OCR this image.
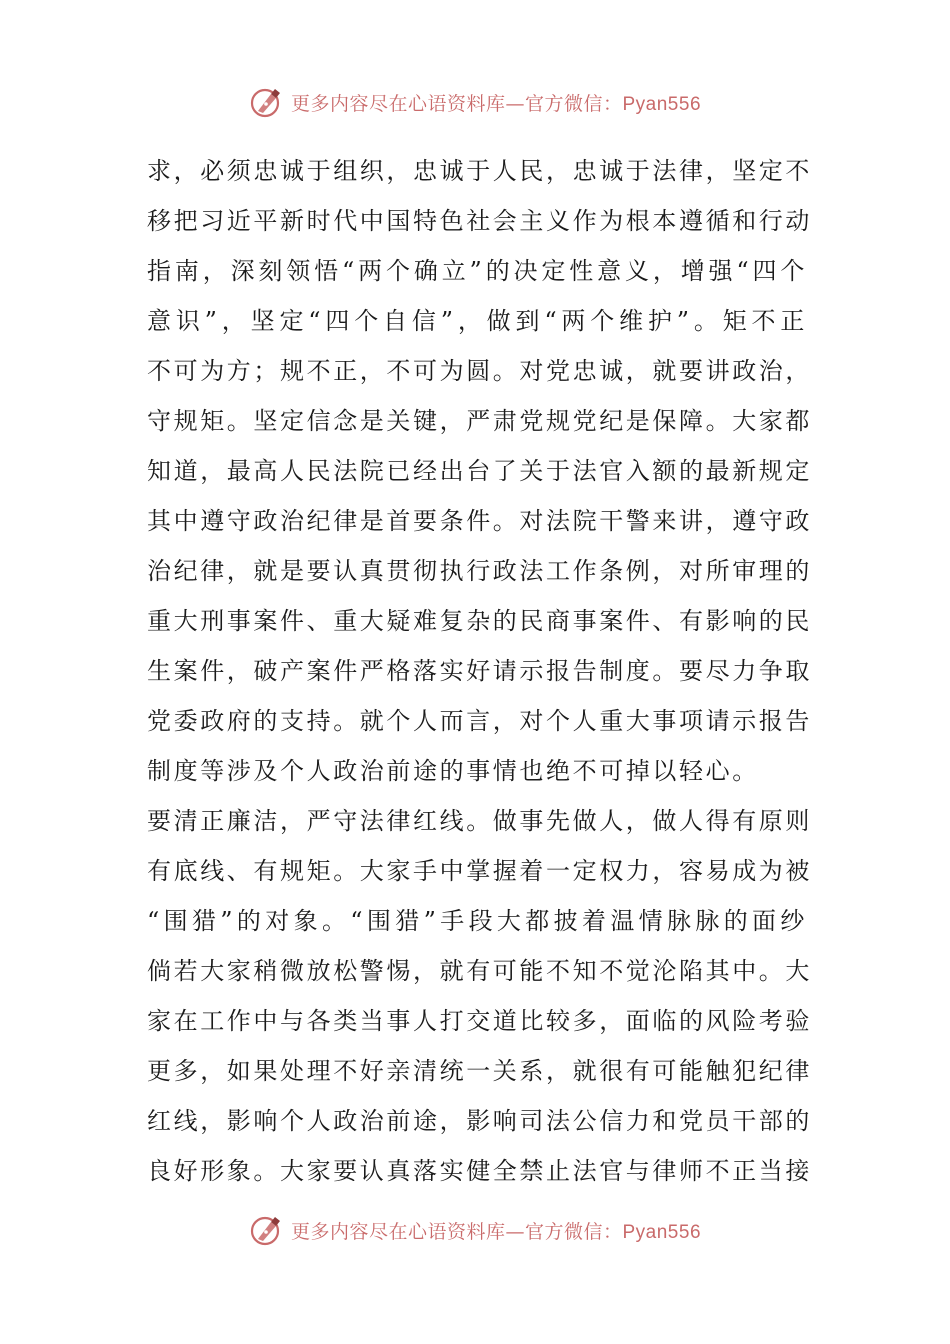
更多内容尽在心语资料库—官方微信：Pyan556
求，必须忠诚于组织，忠诚于人民，忠诚于法律，坚定不
移把习近平新时代中国特色社会主义作为根本遵循和行动
指南，深刻领悟“两个确立”的决定性意义，增强“四个
意识”，坚定“四个自信”，做到“两个维护”。矩不正
不可为方；规不正，不可为圆。对党忠诚，就要讲政治，
守规矩。坚定信念是关键，严肃党规党纪是保障。大家都
知道，最高人民法院已经出台了关于法官入额的最新规定
其中遵守政治纪律是首要条件。对法院干警来讲，遵守政
治纪律，就是要认真贯彻执行政法工作条例，对所审理的
重大刑事案件、重大疑难复杂的民商事案件、有影响的民
生案件，破产案件严格落实好请示报告制度。要尽力争取
党委政府的支持。就个人而言，对个人重大事项请示报告
制度等涉及个人政治前途的事情也绝不可掉以轻心。
要清正廉洁，严守法律红线。做事先做人，做人得有原则
有底线、有规矩。大家手中掌握着一定权力，容易成为被
“围猎”的对象。“围猎”手段大都披着温情脉脉的面纱
倘若大家稍微放松警惕，就有可能不知不觉沦陷其中。大
家在工作中与各类当事人打交道比较多，面临的风险考验
更多，如果处理不好亲清统一关系，就很有可能触犯纪律
红线，影响个人政治前途，影响司法公信力和党员干部的
良好形象。大家要认真落实健全禁止法官与律师不正当接
更多内容尽在心语资料库—官方微信：Pyan556
